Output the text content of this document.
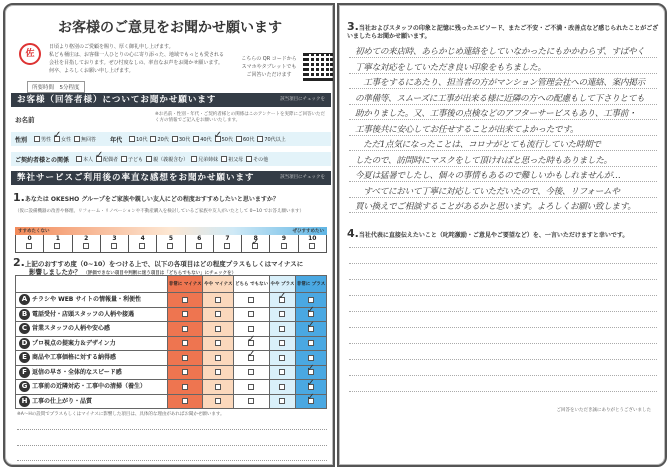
お客様のご意見をお聞かせ願います
佐
日頃より格別のご愛顧を賜り、厚く御礼申し上げます。
私ども桶庄は、お客様一人ひとりの心に寄り添った、地域でもっとも愛される
会社を目指しております。ぜひ忖度なしの、率直なお声をお聞かせ願います。
何卒、よろしくお願い申し上げます。
所要時間　5分程度
こちらの QR コードから
スマホやタブレットでも
ご回答いただけます
お客様（回答者様）についてお聞かせ願います	該当項目にチェックを
お名前
※お名前・性別・年代・ご契約者様との関係はこのアンケートを実際にご回答いただく方の情報でご記入をお願いいたします。
性別	男性 ✓	女性	無回答 年代	10代	20代	30代	40代 ✓	50代	60代	70代以上
ご契約者様との関係	本人 ✓	配偶者	子ども	親（義親含む）	兄弟姉妹	祖父母	その他
弊社サービスご利用後の率直な感想をお聞かせ願います	該当項目にチェックを
1.あなたは OKESHO グループをご家族や親しい友人にどの程度おすすめしたいと思いますか？
（仮に設備機器の改善や修理、リフォーム・リノベーションや不動産購入を検討しているご家族や友人がいたとして 0~10 でお答え願います）
すすめたくない	ぜひすすめたい
0	1	2	3	4	5	6	7 ✓	9	10
2.上記のおすすめ度（0~10）をつける上で、以下の各項目はどの程度プラスもしくはマイナスに
影響しましたか？ （評価できない項目や判断に迷う項目は「どちらでもない」にチェックを）
	非常に マイナス	やや マイナス	どちら でもない	やや プラス	非常に プラス
A チラシや WEB サイトの情報量・利便性				✓	
B 電話受付・店頭スタッフの人柄や接遇					✓
C 営業スタッフの人柄や安心感					✓
D プロ視点の提案力＆デザイン力			✓		
E 商品や工事価格に対する納得感			✓		
F 返信の早さ・全体的なスピード感					✓
G 工事前の近隣対応・工事中の清掃（養生）					✓
H 工事の仕上がり・品質					✓
※A～Hの設問でプラスもしくはマイナスに影響した項目は、具体的な理由があればお聞かせ願います。
3.当社およびスタッフの印象と記憶に残ったエピソード、またご不安・ご不満・改善点など感じられたことがございましたらお聞かせ願います。
初めての来店時、あらかじめ連絡をしていなかったにもかかわらず、すばやく
丁寧な対応をしていただき良い印象をもちました。
　工事をするにあたり、担当者の方がマンション管理会社への連絡、案内掲示
の準備等、スムーズに工事が出来る様に近隣の方への配慮もして下さりとても
助かりました。又、工事後の点検などのアフターサービスもあり、工事前・
工事後共に安心してお任せすることが出来てよかったです。
　ただ1点気になったことは、コロナがとても流行していた時期で
したので、訪問時にマスクをして頂ければと思った時もありました。
今夏は猛暑でしたし、個々の事情もあるので難しいかもしれませんが…
　すべてにおいて丁寧に対応していただいたので、今後、リフォームや
買い換えでご相談することがあるかと思います。よろしくお願い致します。
4.当社代表に直接伝えたいこと（叱咤激励・ご意見やご要望など）を、一言いただけますと幸いです。
ご回答をいただき誠にありがとうございました
